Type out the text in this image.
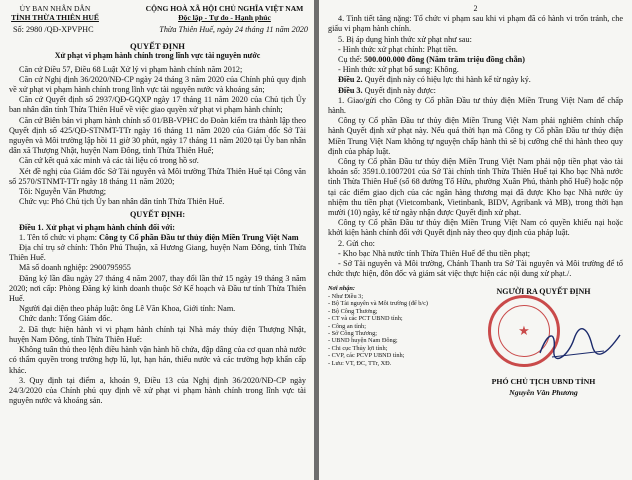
ỦY BAN NHÂN DÂN
TỈNH THỪA THIÊN HUẾ
CỘNG HOÀ XÃ HỘI CHỦ NGHĨA VIỆT NAM
Độc lập - Tự do - Hạnh phúc
Số: 2980 /QĐ-XPVPHC	Thừa Thiên Huế, ngày 24 tháng 11 năm 2020
QUYẾT ĐỊNH
Xử phạt vi phạm hành chính trong lĩnh vực tài nguyên nước
Căn cứ Điều 57, Điều 68 Luật Xử lý vi phạm hành chính năm 2012;
Căn cứ Nghị định 36/2020/NĐ-CP ngày 24 tháng 3 năm 2020 của Chính phủ quy định về xử phạt vi phạm hành chính trong lĩnh vực tài nguyên nước và khoáng sản;
Căn cứ Quyết định số 2937/QĐ-GQXP ngày 17 tháng 11 năm 2020 của Chủ tịch Ủy ban nhân dân tỉnh Thừa Thiên Huế về việc giao quyền xử phạt vi phạm hành chính;
Căn cứ Biên bản vi phạm hành chính số 01/BB-VPHC do Đoàn kiểm tra thành lập theo Quyết định số 425/QĐ-STNMT-TTr ngày 16 tháng 11 năm 2020 của Giám đốc Sở Tài nguyên và Môi trường lập hồi 11 giờ 30 phút, ngày 17 tháng 11 năm 2020 tại Ủy ban nhân dân xã Thượng Nhật, huyện Nam Đông, tỉnh Thừa Thiên Huế;
Căn cứ kết quả xác minh và các tài liệu có trong hồ sơ.
Xét đề nghị của Giám đốc Sở Tài nguyên và Môi trường Thừa Thiên Huế tại Công văn số 2570/STNMT-TTr ngày 18 tháng 11 năm 2020;
Tôi: Nguyễn Văn Phương;
Chức vụ: Phó Chủ tịch Ủy ban nhân dân tỉnh Thừa Thiên Huế.
QUYẾT ĐỊNH:
Điều 1. Xử phạt vi phạm hành chính đối với:
1. Tên tổ chức vi phạm: Công ty Cổ phần Đầu tư thủy điện Miền Trung Việt Nam
Địa chỉ trụ sở chính: Thôn Phú Thuận, xã Hương Giang, huyện Nam Đông, tỉnh Thừa Thiên Huế.
Mã số doanh nghiệp: 2900795955
Đăng ký lần đầu ngày 27 tháng 4 năm 2007, thay đổi lần thứ 15 ngày 19 tháng 3 năm 2020; nơi cấp: Phòng Đăng ký kinh doanh thuộc Sở Kế hoạch và Đầu tư tỉnh Thừa Thiên Huế.
Người đại diện theo pháp luật: ông Lê Văn Khoa, Giới tính: Nam.
Chức danh: Tổng Giám đốc.
2. Đã thực hiện hành vi vi phạm hành chính tại Nhà máy thủy điện Thượng Nhật, huyện Nam Đông, tỉnh Thừa Thiên Huế:
Không tuân thủ theo lệnh điều hành vận hành hồ chứa, đập dâng của cơ quan nhà nước có thẩm quyền trong trường hợp lũ, lụt, hạn hán, thiếu nước và các trường hợp khẩn cấp khác.
3. Quy định tại điểm a, khoản 9, Điều 13 của Nghị định 36/2020/NĐ-CP ngày 24/3/2020 của Chính phủ quy định về xử phạt vi phạm hành chính trong lĩnh vực tài nguyên nước và khoáng sản.
2
4. Tình tiết tăng nặng: Tổ chức vi phạm sau khi vi phạm đã có hành vi trốn tránh, che giấu vi phạm hành chính.
5. Bị áp dụng hình thức xử phạt như sau:
- Hình thức xử phạt chính: Phạt tiền.
Cụ thể: 500.000.000 đồng (Năm trăm triệu đồng chẵn)
- Hình thức xử phạt bổ sung: Không.
Điều 2. Quyết định này có hiệu lực thi hành kể từ ngày ký.
Điều 3. Quyết định này được:
1. Giao/gửi cho Công ty Cổ phần Đầu tư thủy điện Miền Trung Việt Nam để chấp hành.
Công ty Cổ phần Đầu tư thủy điện Miền Trung Việt Nam phải nghiêm chỉnh chấp hành Quyết định xử phạt này. Nếu quá thời hạn mà Công ty Cổ phần Đầu tư thủy điện Miền Trung Việt Nam không tự nguyện chấp hành thì sẽ bị cưỡng chế thi hành theo quy định của pháp luật.
Công ty Cổ phần Đầu tư thủy điện Miền Trung Việt Nam phải nộp tiền phạt vào tài khoản số: 3591.0.1007201 của Sở Tài chính tỉnh Thừa Thiên Huế tại Kho bạc Nhà nước tỉnh Thừa Thiên Huế (số 68 đường Tố Hữu, phường Xuân Phú, thành phố Huế) hoặc nộp tại các điểm giao dịch của các ngân hàng thương mại đã được Kho bạc Nhà nước ủy nhiệm thu tiền phạt (Vietcombank, Vietinbank, BIDV, Agribank và MB), trong thời hạn mười (10) ngày, kể từ ngày nhận được Quyết định xử phạt.
Công ty Cổ phần Đầu tư thủy điện Miền Trung Việt Nam có quyền khiếu nại hoặc khởi kiện hành chính đối với Quyết định này theo quy định của pháp luật.
2. Gửi cho:
- Kho bạc Nhà nước tỉnh Thừa Thiên Huế để thu tiền phạt;
- Sở Tài nguyên và Môi trường, Chánh Thanh tra Sở Tài nguyên và Môi trường để tổ chức thực hiện, đôn đốc và giám sát việc thực hiện các nội dung xử phạt./.
Nơi nhận:
- Như Điều 3;
- Bộ Tài nguyên và Môi trường (để b/c)
- Bộ Công Thương;
- CT và các PCT UBND tỉnh;
- Công an tỉnh;
- Sở Công Thương;
- UBND huyện Nam Đông;
- Chi cục Thủy lợi tỉnh;
- CVP, các PCVP UBND tỉnh;
- Lưu: VT, ĐC, TTr, XĐ.
NGƯỜI RA QUYẾT ĐỊNH
★
PHÓ CHỦ TỊCH UBND TỈNH
Nguyễn Văn Phương
